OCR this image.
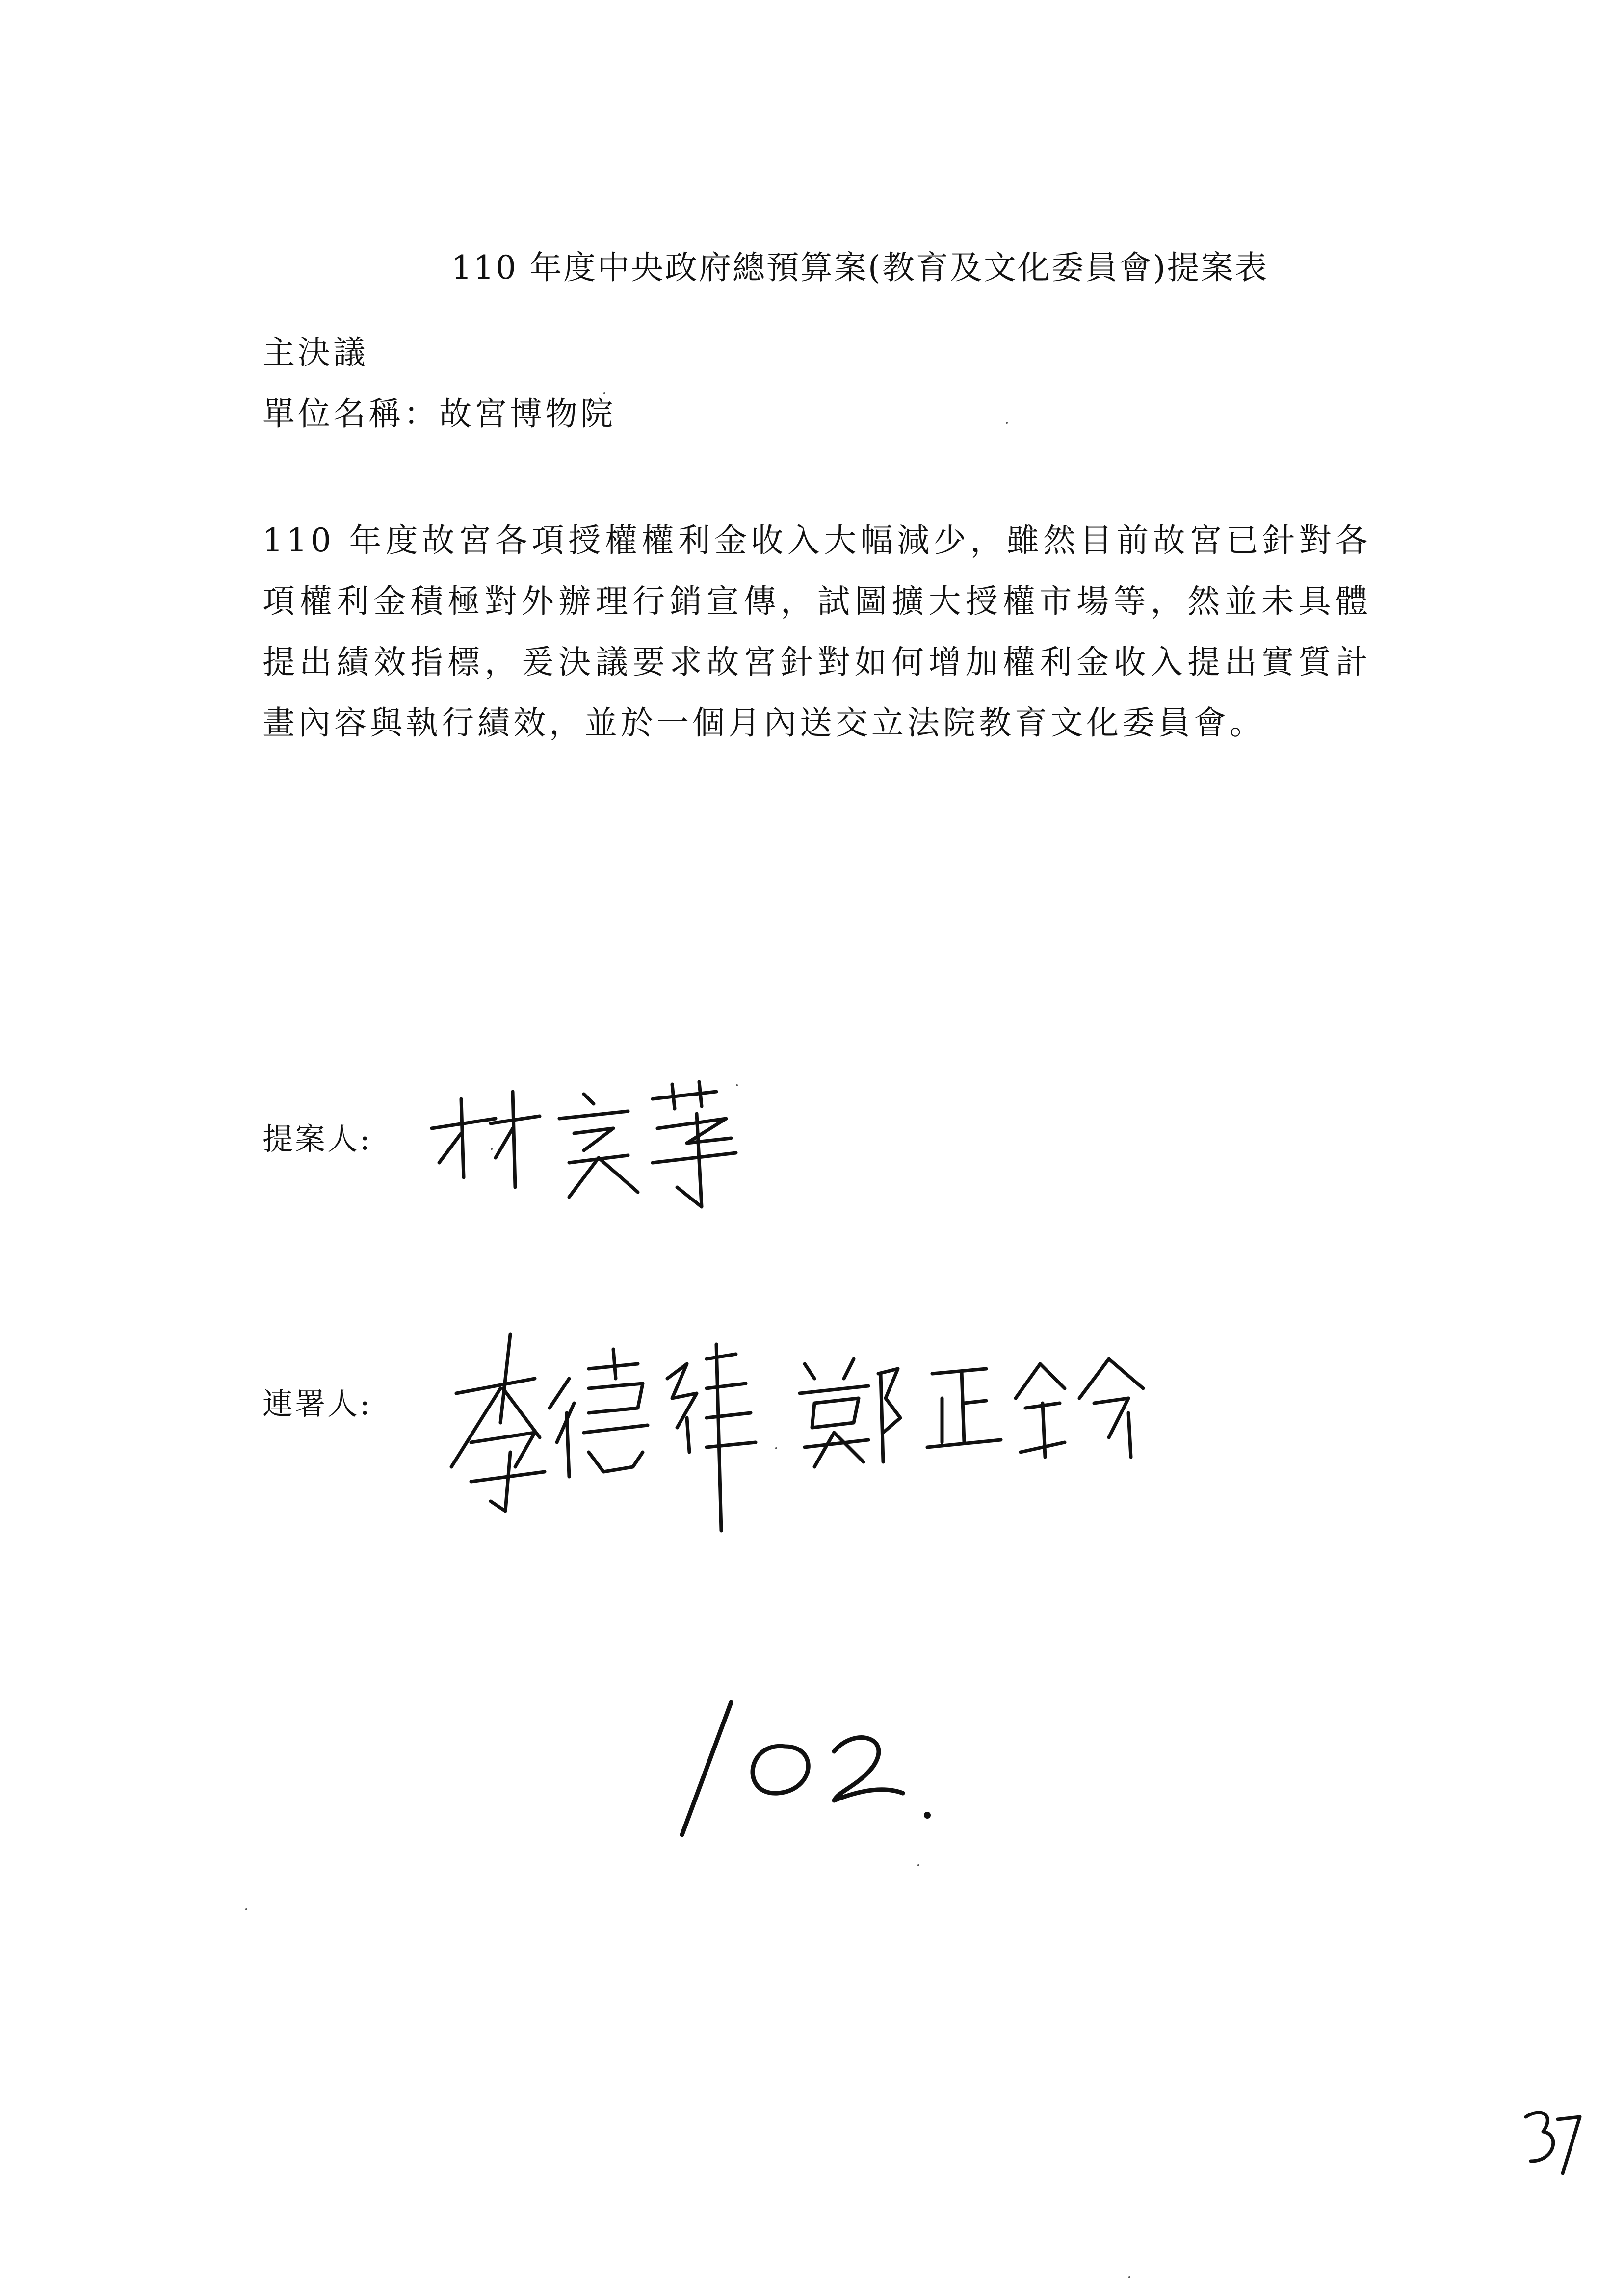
110 年度中央政府總預算案(教育及文化委員會)提案表
主決議
單位名稱：故宮博物院
110 年度故宮各項授權權利金收入大幅減少，雖然目前故宮已針對各項權利金積極對外辦理行銷宣傳，試圖擴大授權市場等，然並未具體提出績效指標，爰決議要求故宮針對如何增加權利金收入提出實質計畫內容與執行績效，並於一個月內送交立法院教育文化委員會。
提案人:
連署人:
